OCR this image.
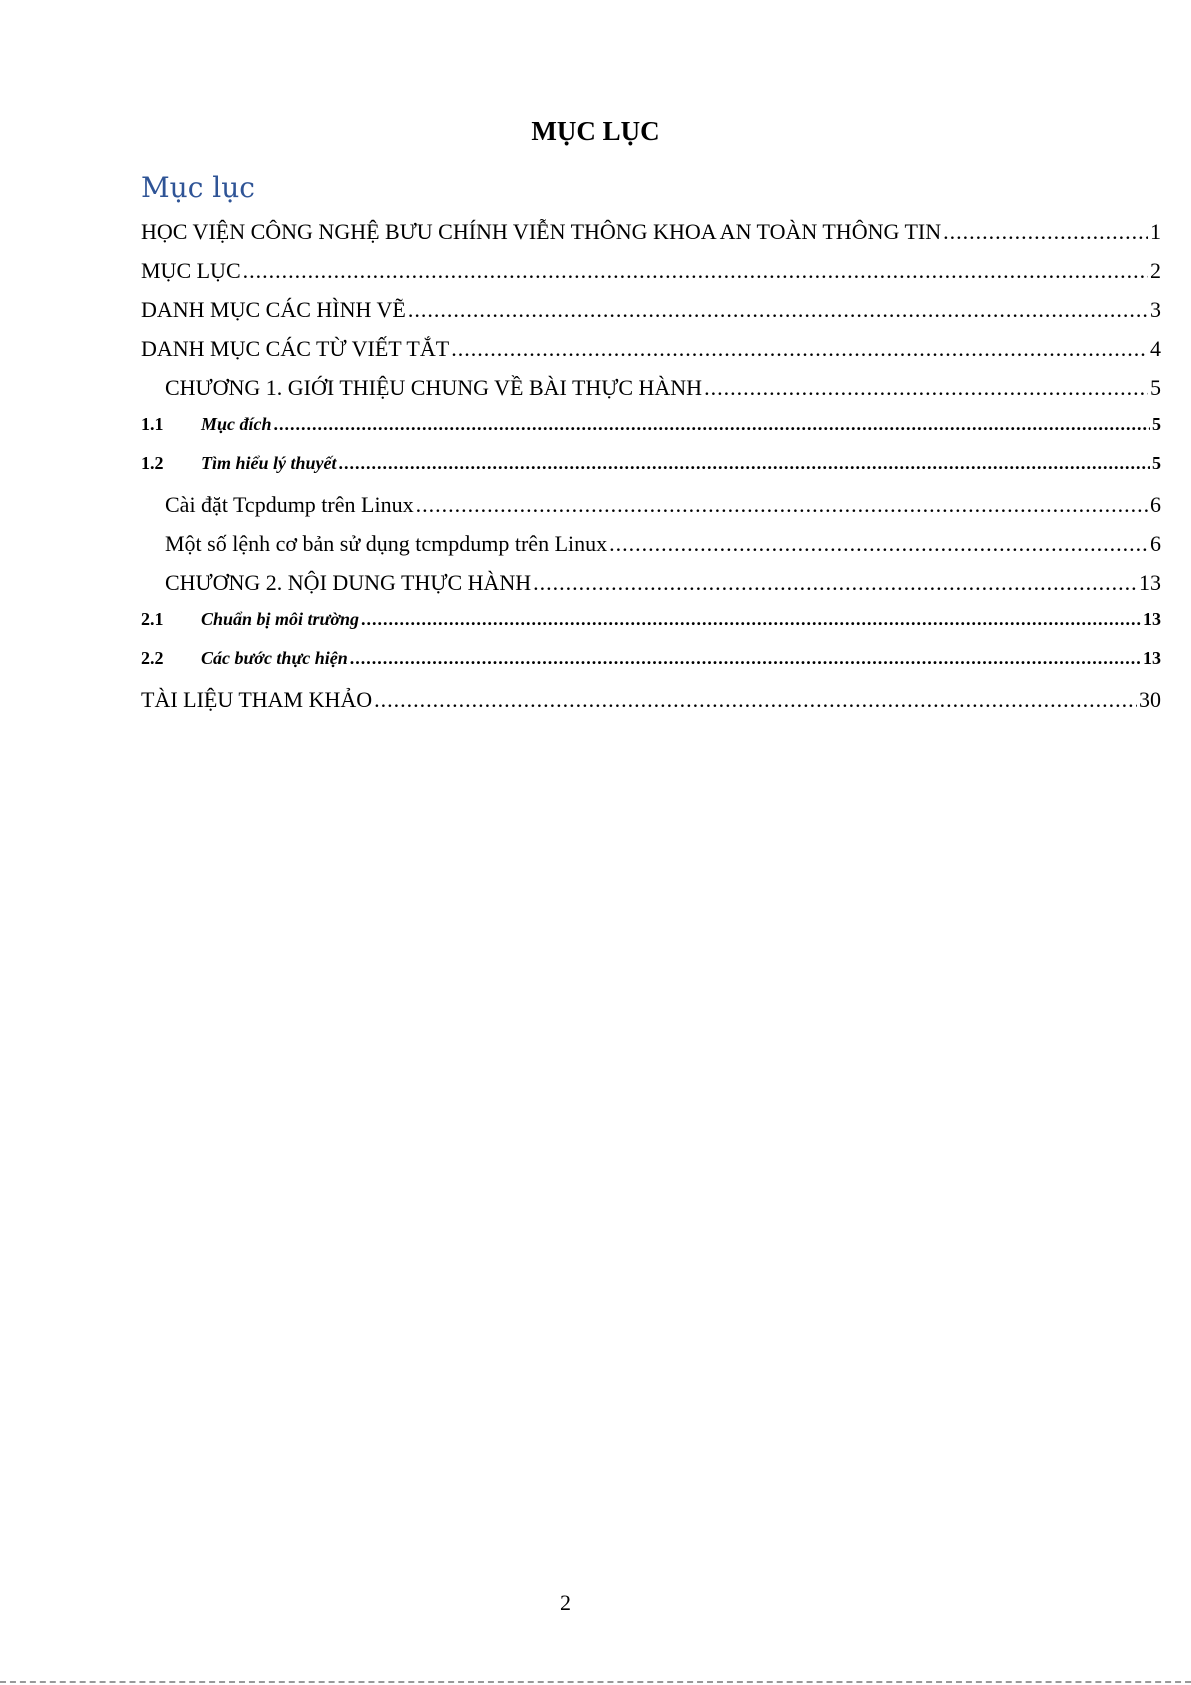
MỤC LỤC
Mục lục
HỌC VIỆN CÔNG NGHỆ BƯU CHÍNH VIỄN THÔNG KHOA AN TOÀN THÔNG TIN .....	1
MỤC LỤC .....	2
DANH MỤC CÁC HÌNH VẼ .....	3
DANH MỤC CÁC TỪ VIẾT TẮT .....	4
CHƯƠNG 1. GIỚI THIỆU CHUNG VỀ BÀI THỰC HÀNH .....	5
1.1	Mục đích .....	5
1.2	Tìm hiểu lý thuyết .....	5
Cài đặt Tcpdump trên Linux .....	6
Một số lệnh cơ bản sử dụng tcmpdump trên Linux .....	6
CHƯƠNG 2. NỘI DUNG THỰC HÀNH .....	13
2.1	Chuẩn bị môi trường .....	13
2.2	Các bước thực hiện .....	13
TÀI LIỆU THAM KHẢO .....	30
2
